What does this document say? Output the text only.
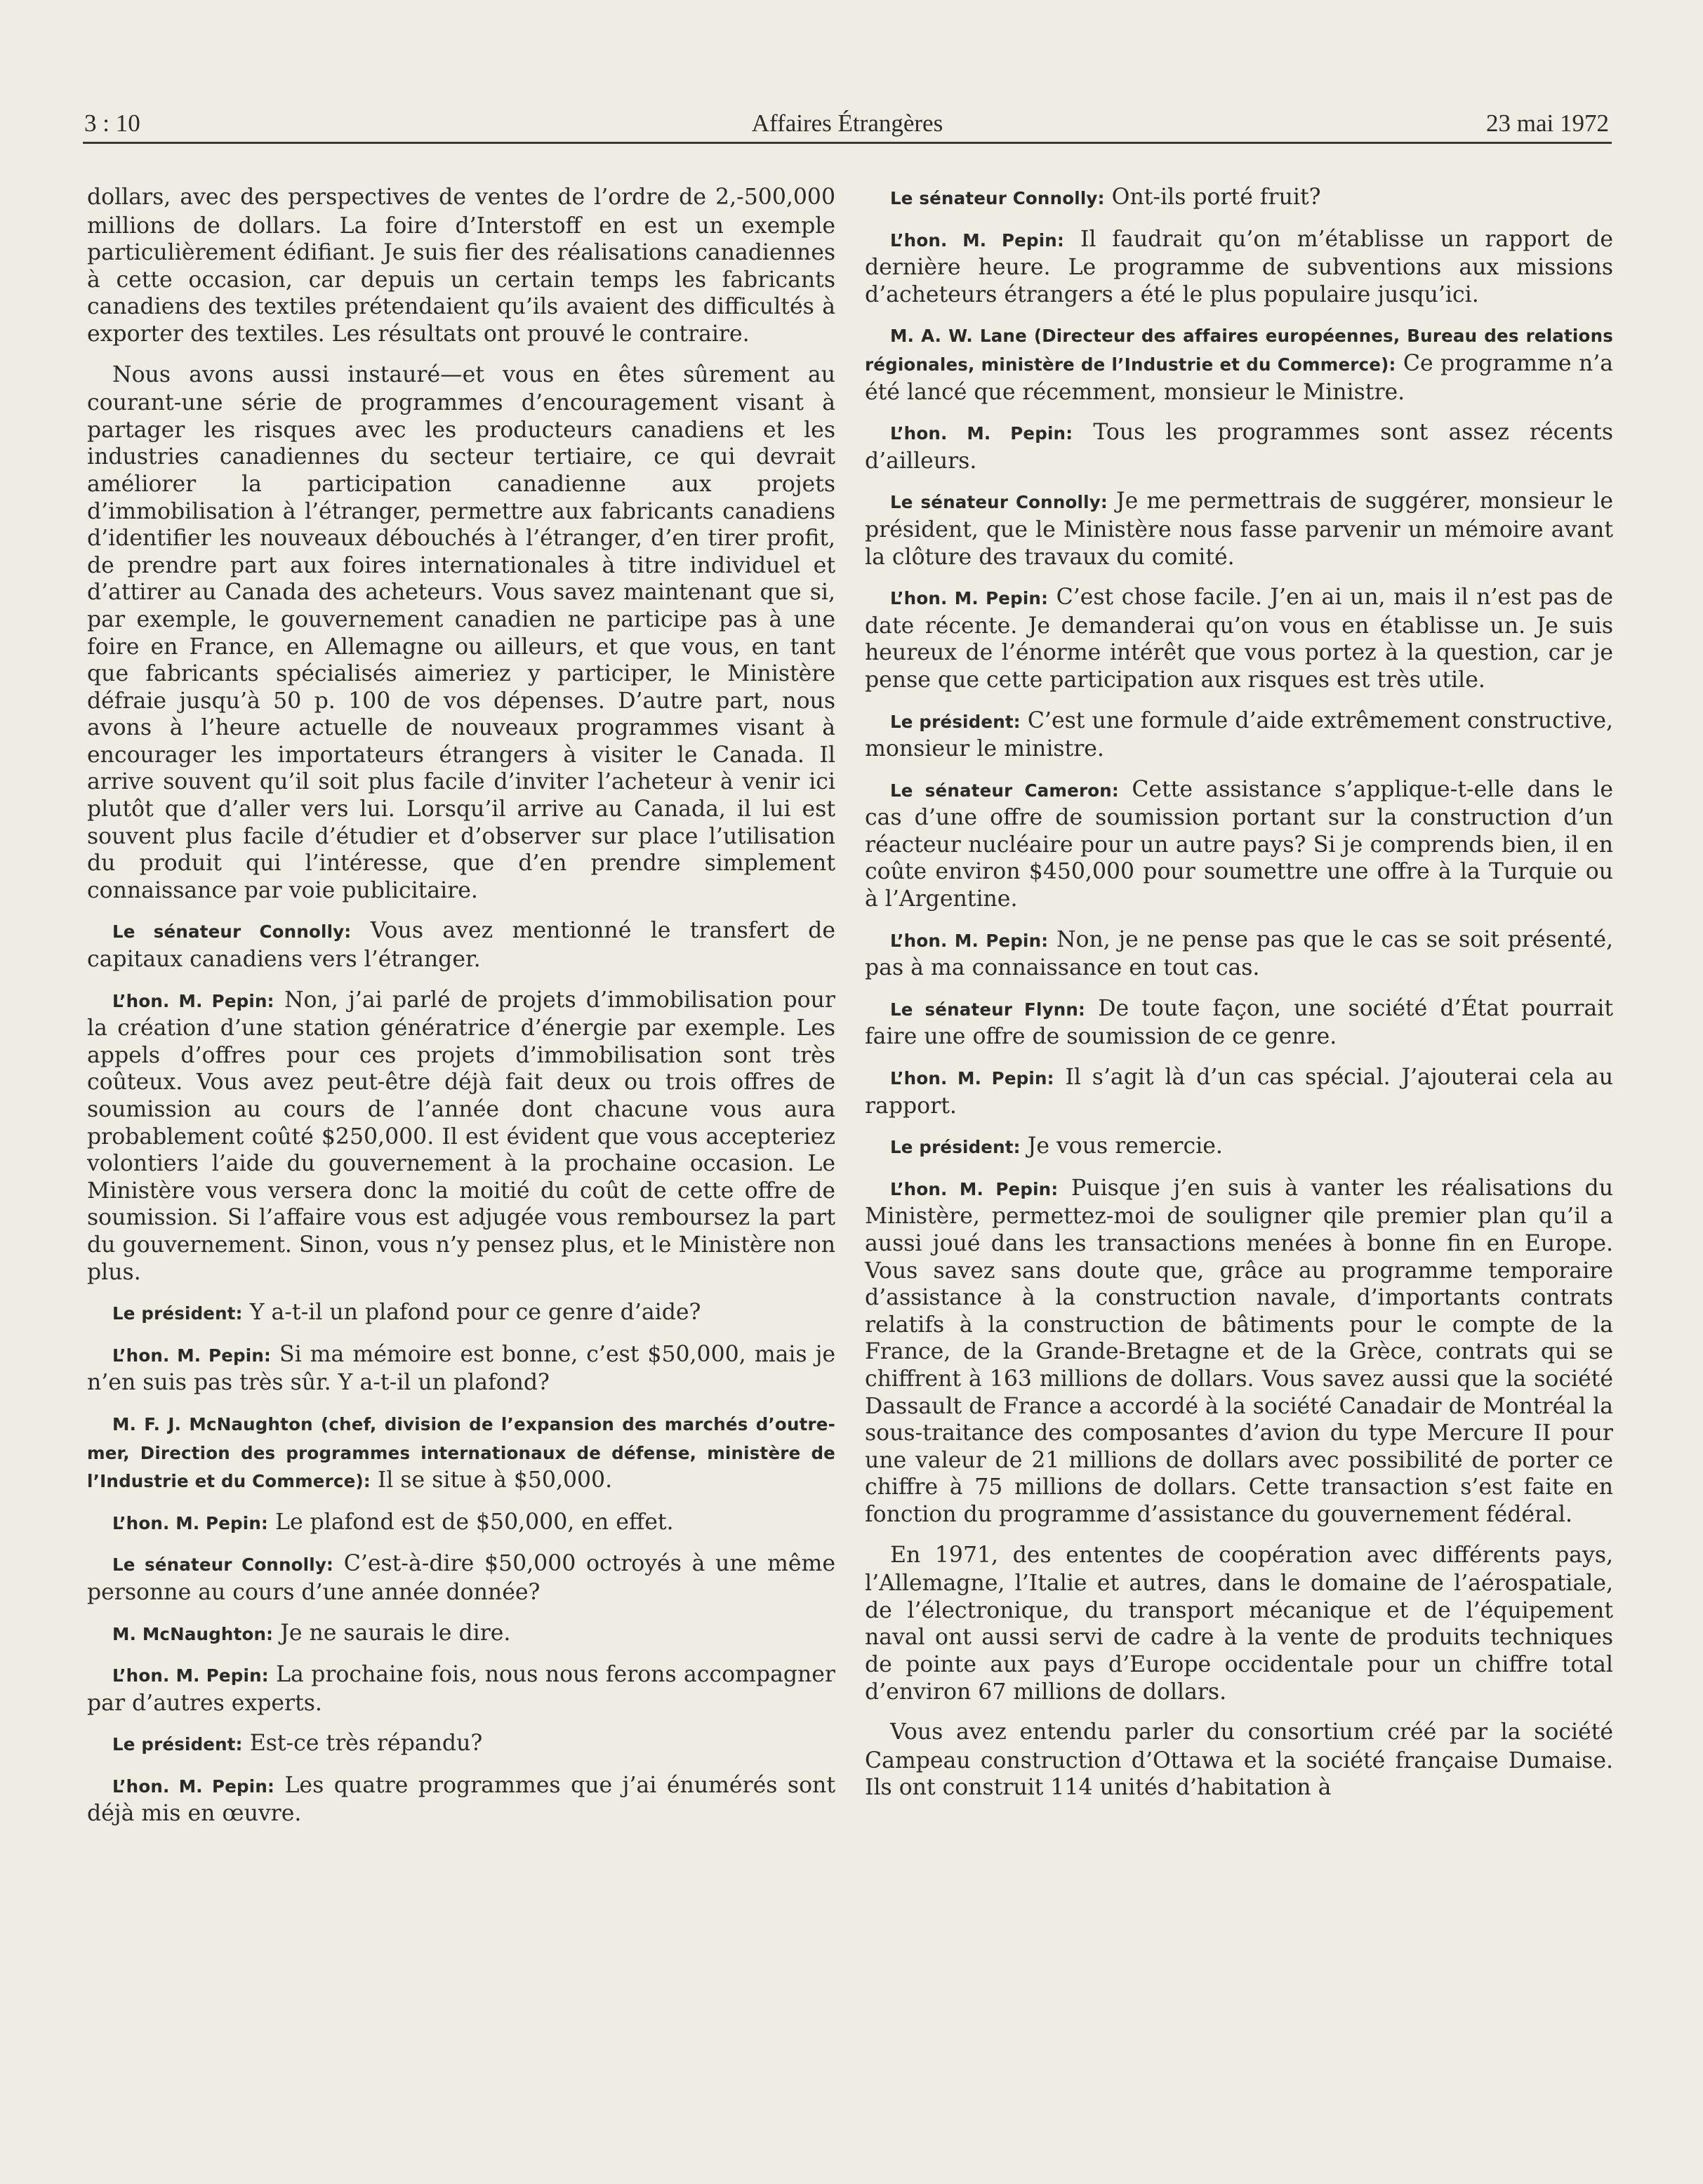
3 : 10	Affaires Étrangères	23 mai 1972

dollars, avec des perspectives de ventes de l’ordre de 2,-500,000 millions de dollars. La foire d’Interstoff en est un exemple particulièrement édifiant. Je suis fier des réalisations canadiennes à cette occasion, car depuis un certain temps les fabricants canadiens des textiles prétendaient qu’ils avaient des difficultés à exporter des textiles. Les résultats ont prouvé le contraire.

Nous avons aussi instauré—et vous en êtes sûrement au courant-une série de programmes d’encouragement visant à partager les risques avec les producteurs canadiens et les industries canadiennes du secteur tertiaire, ce qui devrait améliorer la participation canadienne aux projets d’immobilisation à l’étranger, permettre aux fabricants canadiens d’identifier les nouveaux débouchés à l’étranger, d’en tirer profit, de prendre part aux foires internationales à titre individuel et d’attirer au Canada des acheteurs. Vous savez maintenant que si, par exemple, le gouvernement canadien ne participe pas à une foire en France, en Allemagne ou ailleurs, et que vous, en tant que fabricants spécialisés aimeriez y participer, le Ministère défraie jusqu’à 50 p. 100 de vos dépenses. D’autre part, nous avons à l’heure actuelle de nouveaux programmes visant à encourager les importateurs étrangers à visiter le Canada. Il arrive souvent qu’il soit plus facile d’inviter l’acheteur à venir ici plutôt que d’aller vers lui. Lorsqu’il arrive au Canada, il lui est souvent plus facile d’étudier et d’observer sur place l’utilisation du produit qui l’intéresse, que d’en prendre simplement connaissance par voie publicitaire.

Le sénateur Connolly: Vous avez mentionné le transfert de capitaux canadiens vers l’étranger.

L’hon. M. Pepin: Non, j’ai parlé de projets d’immobilisation pour la création d’une station génératrice d’énergie par exemple. Les appels d’offres pour ces projets d’immobilisation sont très coûteux. Vous avez peut-être déjà fait deux ou trois offres de soumission au cours de l’année dont chacune vous aura probablement coûté $250,000. Il est évident que vous accepteriez volontiers l’aide du gouvernement à la prochaine occasion. Le Ministère vous versera donc la moitié du coût de cette offre de soumission. Si l’affaire vous est adjugée vous remboursez la part du gouvernement. Sinon, vous n’y pensez plus, et le Ministère non plus.

Le président: Y a-t-il un plafond pour ce genre d’aide?

L’hon. M. Pepin: Si ma mémoire est bonne, c’est $50,000, mais je n’en suis pas très sûr. Y a-t-il un plafond?

M. F. J. McNaughton (chef, division de l’expansion des marchés d’outre-mer, Direction des programmes internationaux de défense, ministère de l’Industrie et du Commerce): Il se situe à $50,000.

L’hon. M. Pepin: Le plafond est de $50,000, en effet.

Le sénateur Connolly: C’est-à-dire $50,000 octroyés à une même personne au cours d’une année donnée?

M. McNaughton: Je ne saurais le dire.

L’hon. M. Pepin: La prochaine fois, nous nous ferons accompagner par d’autres experts.

Le président: Est-ce très répandu?

L’hon. M. Pepin: Les quatre programmes que j’ai énumérés sont déjà mis en œuvre.

Le sénateur Connolly: Ont-ils porté fruit?

L’hon. M. Pepin: Il faudrait qu’on m’établisse un rapport de dernière heure. Le programme de subventions aux missions d’acheteurs étrangers a été le plus populaire jusqu’ici.

M. A. W. Lane (Directeur des affaires européennes, Bureau des relations régionales, ministère de l’Industrie et du Commerce): Ce programme n’a été lancé que récemment, monsieur le Ministre.

L’hon. M. Pepin: Tous les programmes sont assez récents d’ailleurs.

Le sénateur Connolly: Je me permettrais de suggérer, monsieur le président, que le Ministère nous fasse parvenir un mémoire avant la clôture des travaux du comité.

L’hon. M. Pepin: C’est chose facile. J’en ai un, mais il n’est pas de date récente. Je demanderai qu’on vous en établisse un. Je suis heureux de l’énorme intérêt que vous portez à la question, car je pense que cette participation aux risques est très utile.

Le président: C’est une formule d’aide extrêmement constructive, monsieur le ministre.

Le sénateur Cameron: Cette assistance s’applique-t-elle dans le cas d’une offre de soumission portant sur la construction d’un réacteur nucléaire pour un autre pays? Si je comprends bien, il en coûte environ $450,000 pour soumettre une offre à la Turquie ou à l’Argentine.

L’hon. M. Pepin: Non, je ne pense pas que le cas se soit présenté, pas à ma connaissance en tout cas.

Le sénateur Flynn: De toute façon, une société d’État pourrait faire une offre de soumission de ce genre.

L’hon. M. Pepin: Il s’agit là d’un cas spécial. J’ajouterai cela au rapport.

Le président: Je vous remercie.

L’hon. M. Pepin: Puisque j’en suis à vanter les réalisations du Ministère, permettez-moi de souligner qile premier plan qu’il a aussi joué dans les transactions menées à bonne fin en Europe. Vous savez sans doute que, grâce au programme temporaire d’assistance à la construction navale, d’importants contrats relatifs à la construction de bâtiments pour le compte de la France, de la Grande-Bretagne et de la Grèce, contrats qui se chiffrent à 163 millions de dollars. Vous savez aussi que la société Dassault de France a accordé à la société Canadair de Montréal la sous-traitance des composantes d’avion du type Mercure II pour une valeur de 21 millions de dollars avec possibilité de porter ce chiffre à 75 millions de dollars. Cette transaction s’est faite en fonction du programme d’assistance du gouvernement fédéral.

En 1971, des ententes de coopération avec différents pays, l’Allemagne, l’Italie et autres, dans le domaine de l’aérospatiale, de l’électronique, du transport mécanique et de l’équipement naval ont aussi servi de cadre à la vente de produits techniques de pointe aux pays d’Europe occidentale pour un chiffre total d’environ 67 millions de dollars.

Vous avez entendu parler du consortium créé par la société Campeau construction d’Ottawa et la société française Dumaise. Ils ont construit 114 unités d’habitation à
